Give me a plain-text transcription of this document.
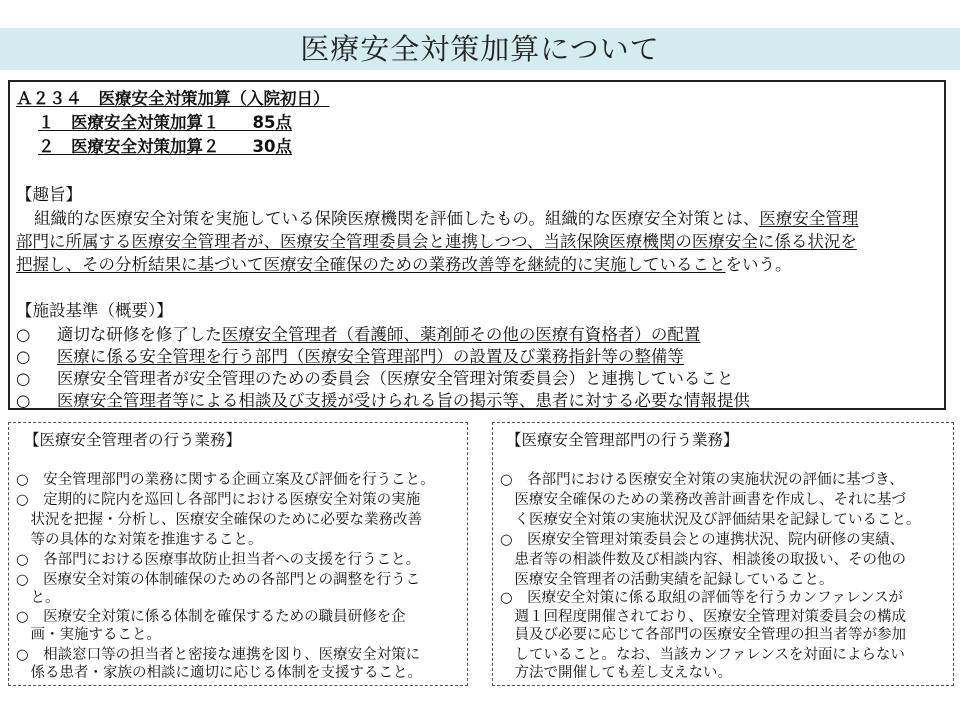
医療安全対策加算について
Ａ２３４　医療安全対策加算（入院初日）
１　医療安全対策加算１　　85点
２　医療安全対策加算２　　30点
【趣旨】
組織的な医療安全対策を実施している保険医療機関を評価したもの。組織的な医療安全対策とは、医療安全管理
部門に所属する医療安全管理者が、医療安全管理委員会と連携しつつ、当該保険医療機関の医療安全に係る状況を
把握し、その分析結果に基づいて医療安全確保のための業務改善等を継続的に実施していることをいう。
【施設基準（概要）】
○ 適切な研修を修了した医療安全管理者（看護師、薬剤師その他の医療有資格者）の配置
○ 医療に係る安全管理を行う部門（医療安全管理部門）の設置及び業務指針等の整備等
○ 医療安全管理者が安全管理のための委員会（医療安全管理対策委員会）と連携していること
○ 医療安全管理者等による相談及び支援が受けられる旨の掲示等、患者に対する必要な情報提供
【医療安全管理者の行う業務】
○　安全管理部門の業務に関する企画立案及び評価を行うこと。
○　定期的に院内を巡回し各部門における医療安全対策の実施
　状況を把握・分析し、医療安全確保のために必要な業務改善
　等の具体的な対策を推進すること。
○　各部門における医療事故防止担当者への支援を行うこと。
○　医療安全対策の体制確保のための各部門との調整を行うこ
　と。
○　医療安全対策に係る体制を確保するための職員研修を企
　画・実施すること。
○　相談窓口等の担当者と密接な連携を図り、医療安全対策に
　係る患者・家族の相談に適切に応じる体制を支援すること。
【医療安全管理部門の行う業務】
○　各部門における医療安全対策の実施状況の評価に基づき、
　医療安全確保のための業務改善計画書を作成し、それに基づ
　く医療安全対策の実施状況及び評価結果を記録していること。
○　医療安全管理対策委員会との連携状況、院内研修の実績、
　患者等の相談件数及び相談内容、相談後の取扱い、その他の
　医療安全管理者の活動実績を記録していること。
○　医療安全対策に係る取組の評価等を行うカンファレンスが
　週１回程度開催されており、医療安全管理対策委員会の構成
　員及び必要に応じて各部門の医療安全管理の担当者等が参加
　していること。なお、当該カンファレンスを対面によらない
　方法で開催しても差し支えない。
